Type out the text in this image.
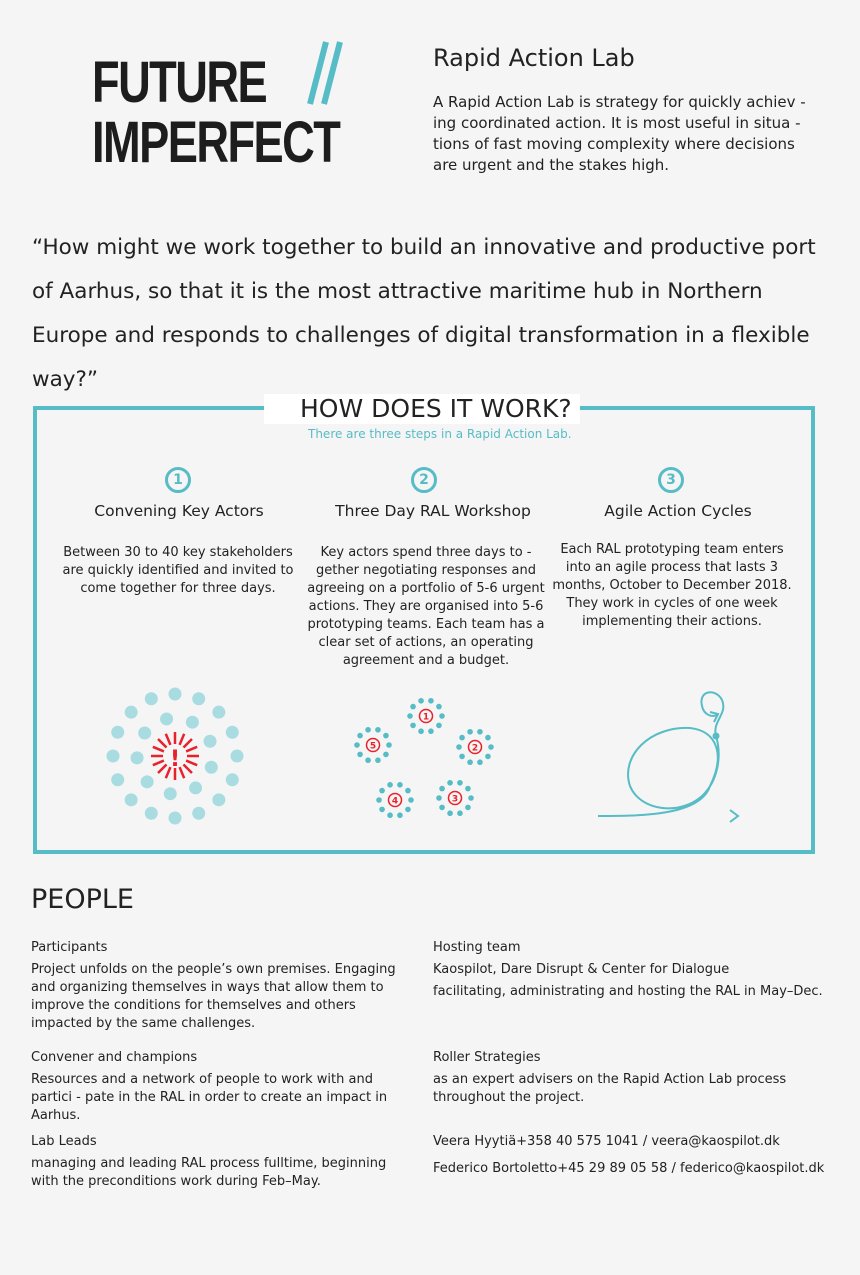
FUTURE
IMPERFECT
Rapid Action Lab
A Rapid Action Lab is strategy for quickly achiev - ing coordinated action. It is most useful in situa - tions of fast moving complexity where decisions are urgent and the stakes high.
“How might we work together to build an innovative and productive port of Aarhus, so that it is the most attractive maritime hub in Northern Europe and responds to challenges of digital transformation in a flexible way?”
HOW DOES IT WORK?
There are three steps in a Rapid Action Lab.
1
Convening Key Actors
Between 30 to 40 key stakeholders are quickly identified and invited to come together for three days.
2
Three Day RAL Workshop
Key actors spend three days to - gether negotiating responses and agreeing on a portfolio of 5-6 urgent actions. They are organised into 5-6 prototyping teams. Each team has a clear set of actions, an operating agreement and a budget.
3
Agile Action Cycles
Each RAL prototyping team enters into an agile process that lasts 3 months, October to December 2018. They work in cycles of one week implementing their actions.
!
1
2
3
4
5
PEOPLE
Participants
Project unfolds on the people’s own premises. Engaging and organizing themselves in ways that allow them to improve the conditions for themselves and others impacted by the same challenges.
Hosting team
Kaospilot, Dare Disrupt & Center for Dialogue
facilitating, administrating and hosting the RAL in May–Dec.
Convener and champions
Resources and a network of people to work with and partici - pate in the RAL in order to create an impact in Aarhus.
Roller Strategies
as an expert advisers on the Rapid Action Lab process throughout the project.
Lab Leads
managing and leading RAL process fulltime, beginning with the preconditions work during Feb–May.
Veera Hyytiä+358 40 575 1041 / veera@kaospilot.dk
Federico Bortoletto+45 29 89 05 58 / federico@kaospilot.dk
